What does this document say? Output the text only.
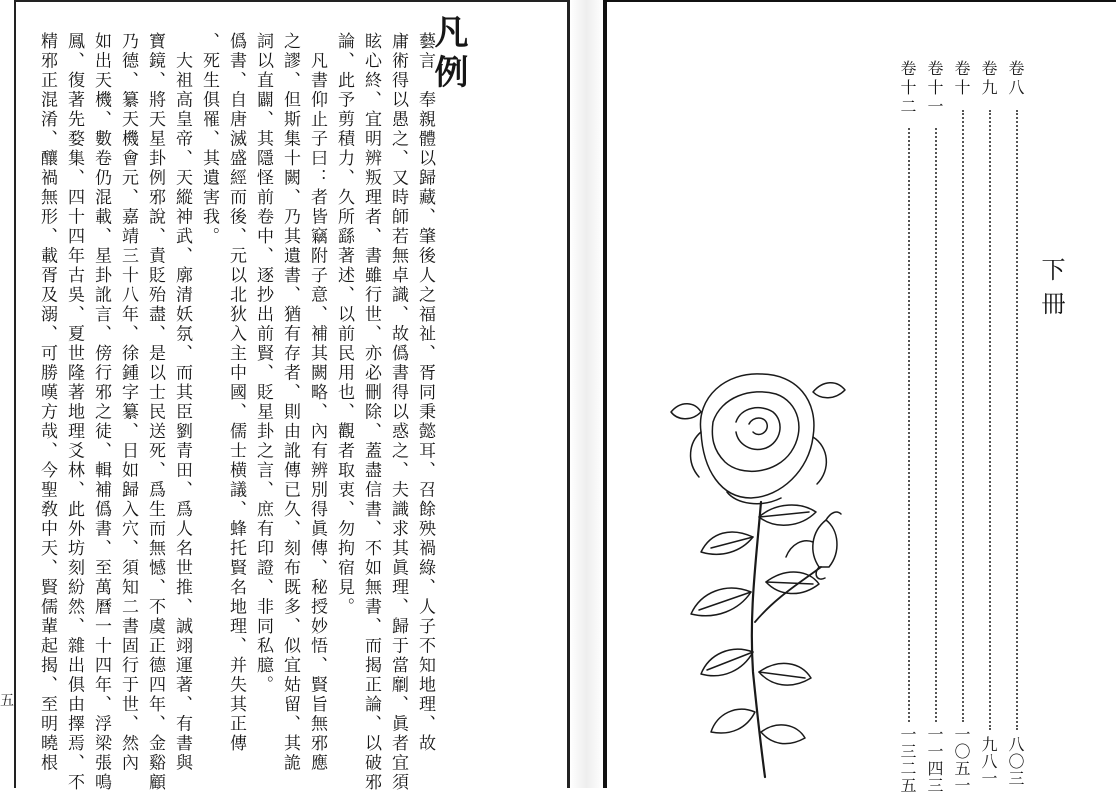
凡例
藝言　奉親體以歸藏、肇後人之福祉、胥同秉懿耳、召餘殃禍綠、人子不知地理、故
庸術得以愚之、又時師若無卓識、故僞書得以惑之、夫識求其眞理、歸于當劘、眞者宜須
眩心終、宜明辨叛理者、書雖行世、亦必刪除、蓋盡信書、不如無書、而揭正論、以破邪
論、此予剪積力、久所繇著述、以前民用也、觀者取衷、勿拘宿見。
　凡書仰止子曰：者皆竊附子意、補其闕略、內有辨別得眞傳、秘授妙悟、賢旨無邪應
之謬、但斯集十闕、乃其遺書、猶有存者、則由訛傳已久、刻布既多、似宜姑留、其詭
詞以直闢、其隱怪前卷中、逐抄出前賢、貶星卦之言、庶有印證、非同私臆。
僞書、自唐滅盛經而後、元以北狄入主中國、儒士横議、蜂托賢名地理、并失其正傳
、死生俱罹、其遺害我。
　大祖高皇帝、天縱神武、廓清妖氛、而其臣劉青田、爲人名世推、誠翊運著、有書與
寶鏡、將天星卦例邪說、責貶殆盡、是以士民送死、爲生而無憾、不虞正德四年、金谿顧
乃德、纂天機會元、嘉靖三十八年、徐鍾字纂、日如歸入穴、須知二書固行于世、然內
如出天機、數卷仍混載、星卦訛言、傍行邪之徒、輯補僞書、至萬曆一十四年、浮梁張鳴
鳳、復著先婺集、四十四年古吳、夏世隆著地理爻林、此外坊刻紛然、雜出俱由擇焉、不
精邪正混淆、釀禍無形、載胥及溺、可勝嘆方哉、今聖敎中天、賢儒輩起揭、至明曉根
五
下冊
卷八
八〇三
卷九
九八一
卷十
一〇五一
卷十一
一一四三
卷十二
一三二五
